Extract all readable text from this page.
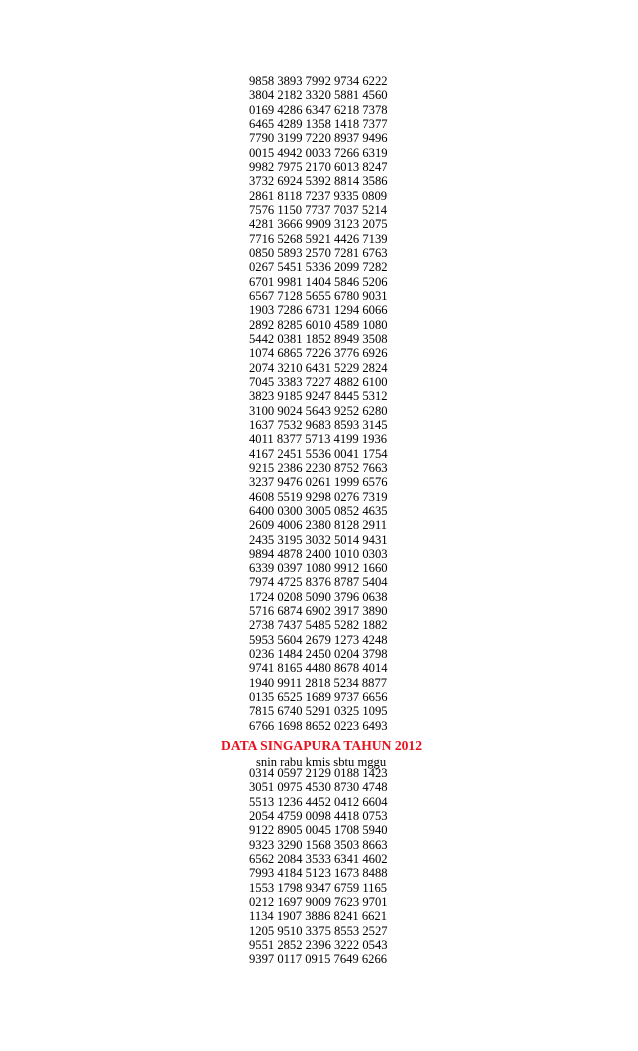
9858 3893 7992 9734 6222
3804 2182 3320 5881 4560
0169 4286 6347 6218 7378
6465 4289 1358 1418 7377
7790 3199 7220 8937 9496
0015 4942 0033 7266 6319
9982 7975 2170 6013 8247
3732 6924 5392 8814 3586
2861 8118 7237 9335 0809
7576 1150 7737 7037 5214
4281 3666 9909 3123 2075
7716 5268 5921 4426 7139
0850 5893 2570 7281 6763
0267 5451 5336 2099 7282
6701 9981 1404 5846 5206
6567 7128 5655 6780 9031
1903 7286 6731 1294 6066
2892 8285 6010 4589 1080
5442 0381 1852 8949 3508
1074 6865 7226 3776 6926
2074 3210 6431 5229 2824
7045 3383 7227 4882 6100
3823 9185 9247 8445 5312
3100 9024 5643 9252 6280
1637 7532 9683 8593 3145
4011 8377 5713 4199 1936
4167 2451 5536 0041 1754
9215 2386 2230 8752 7663
3237 9476 0261 1999 6576
4608 5519 9298 0276 7319
6400 0300 3005 0852 4635
2609 4006 2380 8128 2911
2435 3195 3032 5014 9431
9894 4878 2400 1010 0303
6339 0397 1080 9912 1660
7974 4725 8376 8787 5404
1724 0208 5090 3796 0638
5716 6874 6902 3917 3890
2738 7437 5485 5282 1882
5953 5604 2679 1273 4248
0236 1484 2450 0204 3798
9741 8165 4480 8678 4014
1940 9911 2818 5234 8877
0135 6525 1689 9737 6656
7815 6740 5291 0325 1095
6766 1698 8652 0223 6493
DATA SINGAPURA TAHUN 2012
snin rabu kmis sbtu mggu
0314 0597 2129 0188 1423
3051 0975 4530 8730 4748
5513 1236 4452 0412 6604
2054 4759 0098 4418 0753
9122 8905 0045 1708 5940
9323 3290 1568 3503 8663
6562 2084 3533 6341 4602
7993 4184 5123 1673 8488
1553 1798 9347 6759 1165
0212 1697 9009 7623 9701
1134 1907 3886 8241 6621
1205 9510 3375 8553 2527
9551 2852 2396 3222 0543
9397 0117 0915 7649 6266
